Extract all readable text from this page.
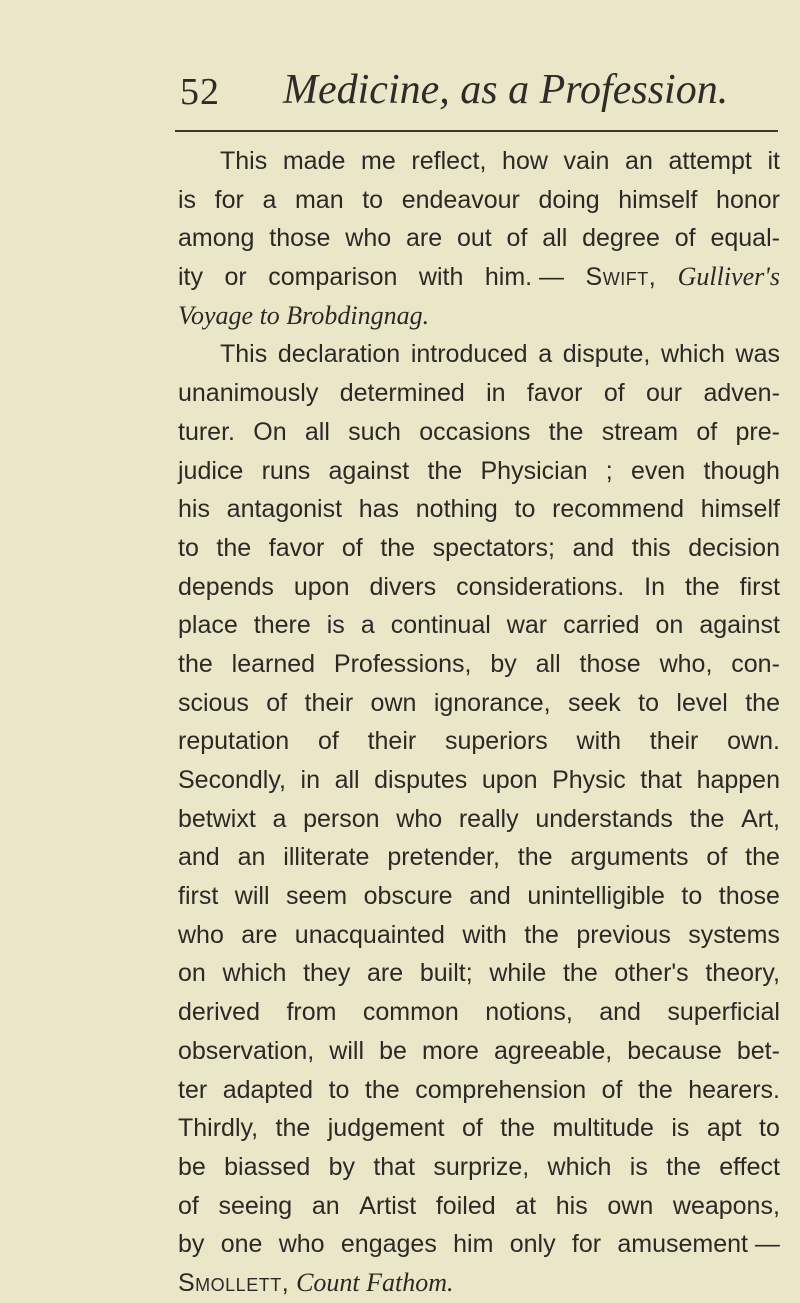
52 Medicine, as a Profession.
This made me reflect, how vain an attempt it
is for a man to endeavour doing himself honor
among those who are out of all degree of equal-
ity or comparison with him. — Swift, Gulliver's
Voyage to Brobdingnag.
This declaration introduced a dispute, which was
unanimously determined in favor of our adven-
turer. On all such occasions the stream of pre-
judice runs against the Physician ; even though
his antagonist has nothing to recommend himself
to the favor of the spectators; and this decision
depends upon divers considerations. In the first
place there is a continual war carried on against
the learned Professions, by all those who, con-
scious of their own ignorance, seek to level the
reputation of their superiors with their own.
Secondly, in all disputes upon Physic that happen
betwixt a person who really understands the Art,
and an illiterate pretender, the arguments of the
first will seem obscure and unintelligible to those
who are unacquainted with the previous systems
on which they are built; while the other's theory,
derived from common notions, and superficial
observation, will be more agreeable, because bet-
ter adapted to the comprehension of the hearers.
Thirdly, the judgement of the multitude is apt to
be biassed by that surprize, which is the effect
of seeing an Artist foiled at his own weapons,
by one who engages him only for amusement —
Smollett,
Count Fathom.
